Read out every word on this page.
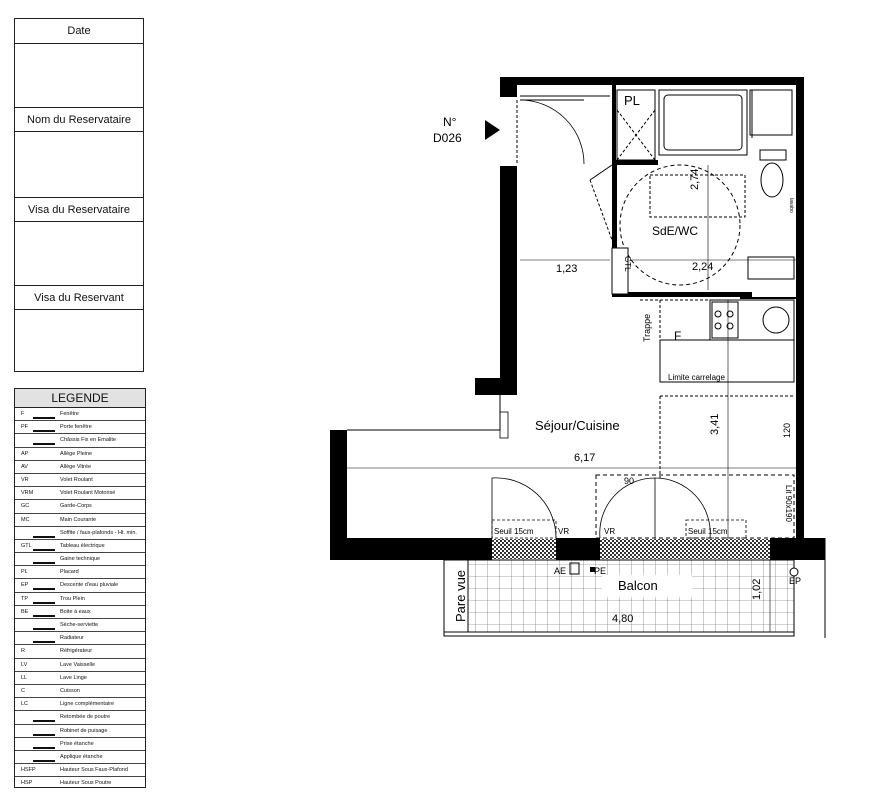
Date
Nom du Reservataire
Visa du Reservataire
Visa du Reservant
LEGENDE
F	Fenêtre
PF	Porte fenêtre
Châssis Fix en Emalite
AP	Allège Pleine
AV	Allège Vitrée
VR	Volet Roulant
VRM	Volet Roulant Motorisé
GC	Garde-Corps
MC	Main Courante
Soffite / faux-plafonds - Ht. min.
GTL	Tableau électrique
Gaine technique
PL	Placard
EP	Descente d'eau pluviale
TP	Trou Plein
BE	Boite à eaux
Sèche-serviette
Radiateur
R	Réfrigérateur
LV	Lave Vaisselle
LL	Lave Linge
C	Cuisson
LC	Ligne complémentaire
Retombée de poutre
Robinet de puisage
Prise étanche
Applique étanche
HSFP	Hauteur Sous Faux-Plafond
HSP	Hauteur Sous Poutre
N°
D026
PL
lavabo
SdE/WC
2,74
GTL
1,23	2,24
F
Trappe
Limite carrelage
Séjour/Cuisine	3,41	120
6,17
90
Lit 90x190
Seuil 15cm	VR	VR	Seuil 15cm
Balcon
Pare vue	AE	PE
EP
4,80
1,02
